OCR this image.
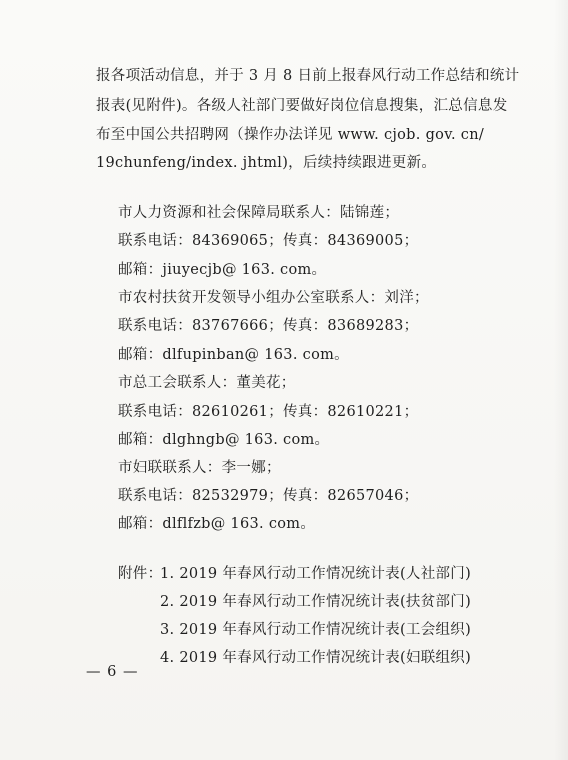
报各项活动信息，并于 3 月 8 日前上报春风行动工作总结和统计
报表(见附件)。各级人社部门要做好岗位信息搜集，汇总信息发
布至中国公共招聘网（操作办法详见 www. cjob. gov. cn/
19chunfeng/index. jhtml)，后续持续跟进更新。
市人力资源和社会保障局联系人：陆锦莲；
联系电话：84369065；传真：84369005；
邮箱：jiuyecjb@ 163. com。
市农村扶贫开发领导小组办公室联系人：刘洋；
联系电话：83767666；传真：83689283；
邮箱：dlfupinban@ 163. com。
市总工会联系人：董美花；
联系电话：82610261；传真：82610221；
邮箱：dlghngb@ 163. com。
市妇联联系人：李一娜；
联系电话：82532979；传真：82657046；
邮箱：dlflfzb@ 163. com。
附件：
1. 2019 年春风行动工作情况统计表(人社部门)
2. 2019 年春风行动工作情况统计表(扶贫部门)
3. 2019 年春风行动工作情况统计表(工会组织)
4. 2019 年春风行动工作情况统计表(妇联组织)
— 6 —
